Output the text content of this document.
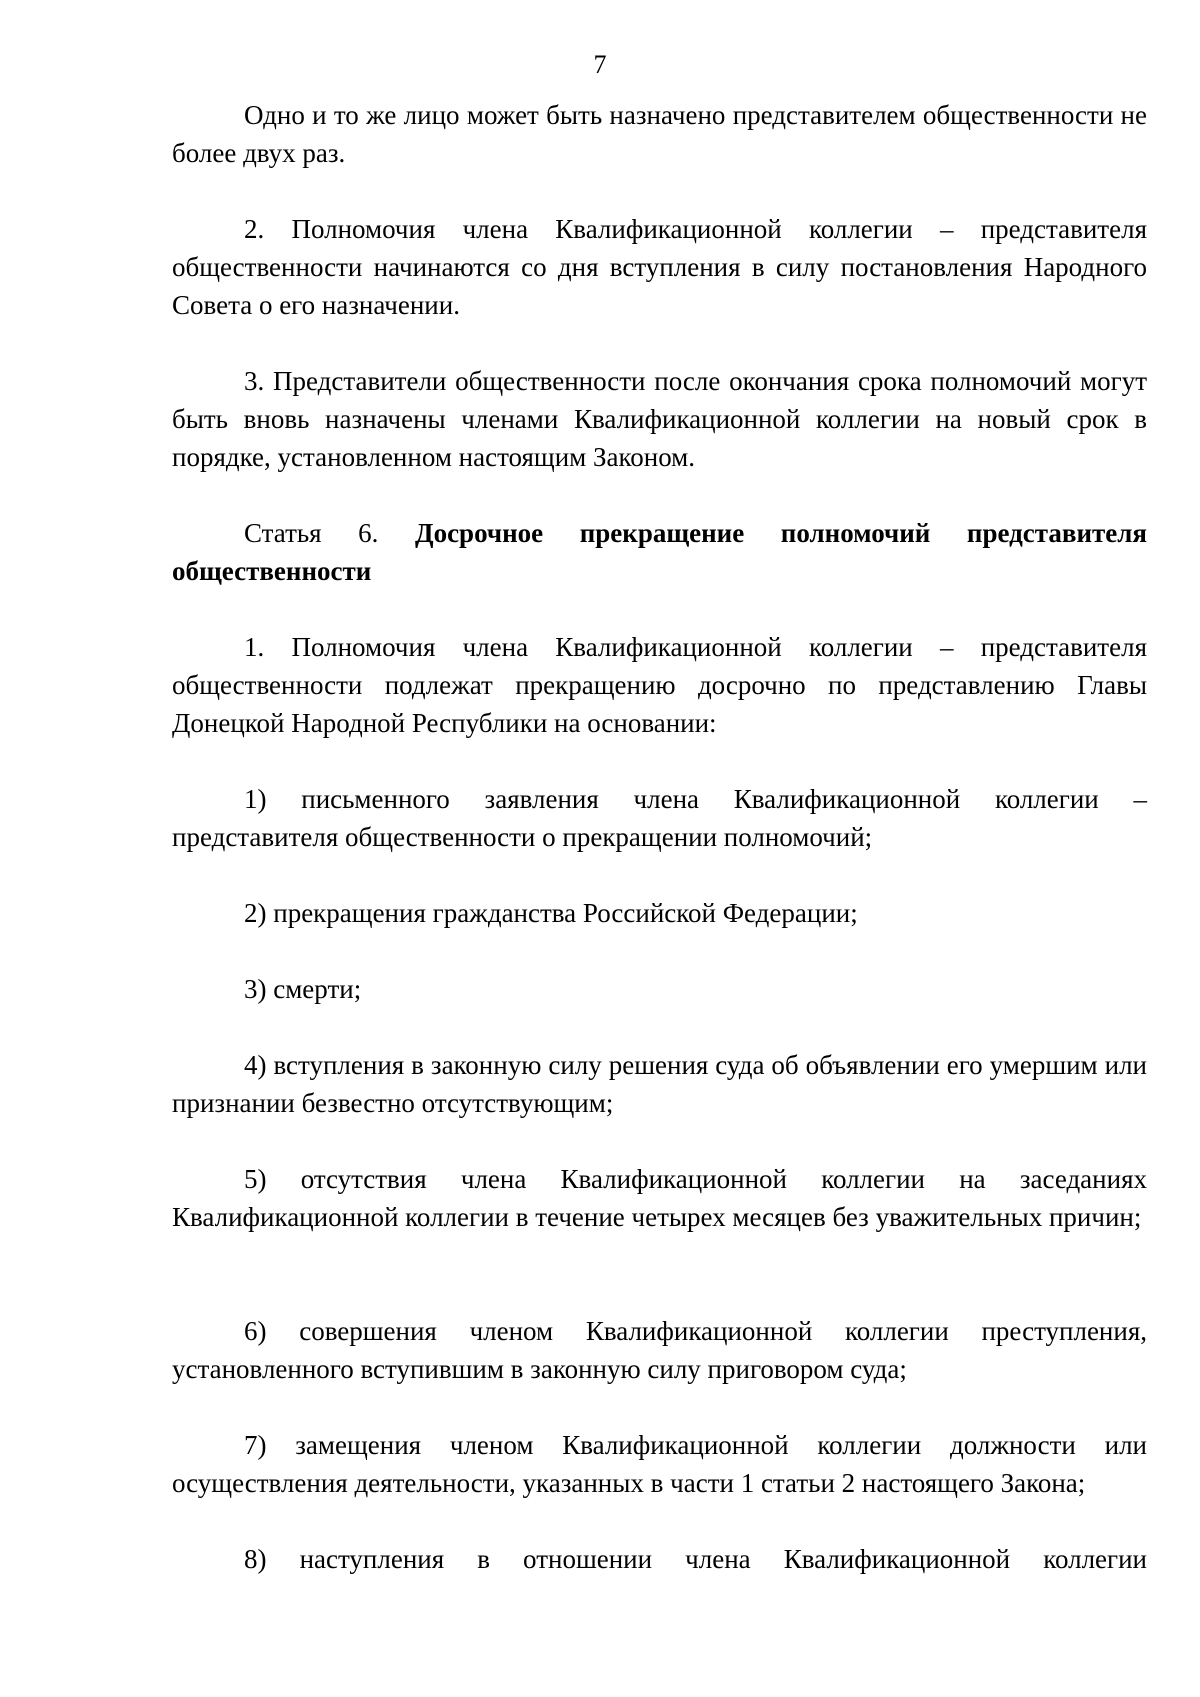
7

Одно и то же лицо может быть назначено представителем общественности не более двух раз.

2. Полномочия члена Квалификационной коллегии – представителя общественности начинаются со дня вступления в силу постановления Народного Совета о его назначении.

3. Представители общественности после окончания срока полномочий могут быть вновь назначены членами Квалификационной коллегии на новый срок в порядке, установленном настоящим Законом.

Статья 6. Досрочное прекращение полномочий представителя общественности

1. Полномочия члена Квалификационной коллегии – представителя общественности подлежат прекращению досрочно по представлению Главы Донецкой Народной Республики на основании:

1) письменного заявления члена Квалификационной коллегии – представителя общественности о прекращении полномочий;

2) прекращения гражданства Российской Федерации;

3) смерти;

4) вступления в законную силу решения суда об объявлении его умершим или признании безвестно отсутствующим;

5) отсутствия члена Квалификационной коллегии на заседаниях Квалификационной коллегии в течение четырех месяцев без уважительных причин;

6) совершения членом Квалификационной коллегии преступления, установленного вступившим в законную силу приговором суда;

7) замещения членом Квалификационной коллегии должности или осуществления деятельности, указанных в части 1 статьи 2 настоящего Закона;

8) наступления в отношении члена Квалификационной коллегии
